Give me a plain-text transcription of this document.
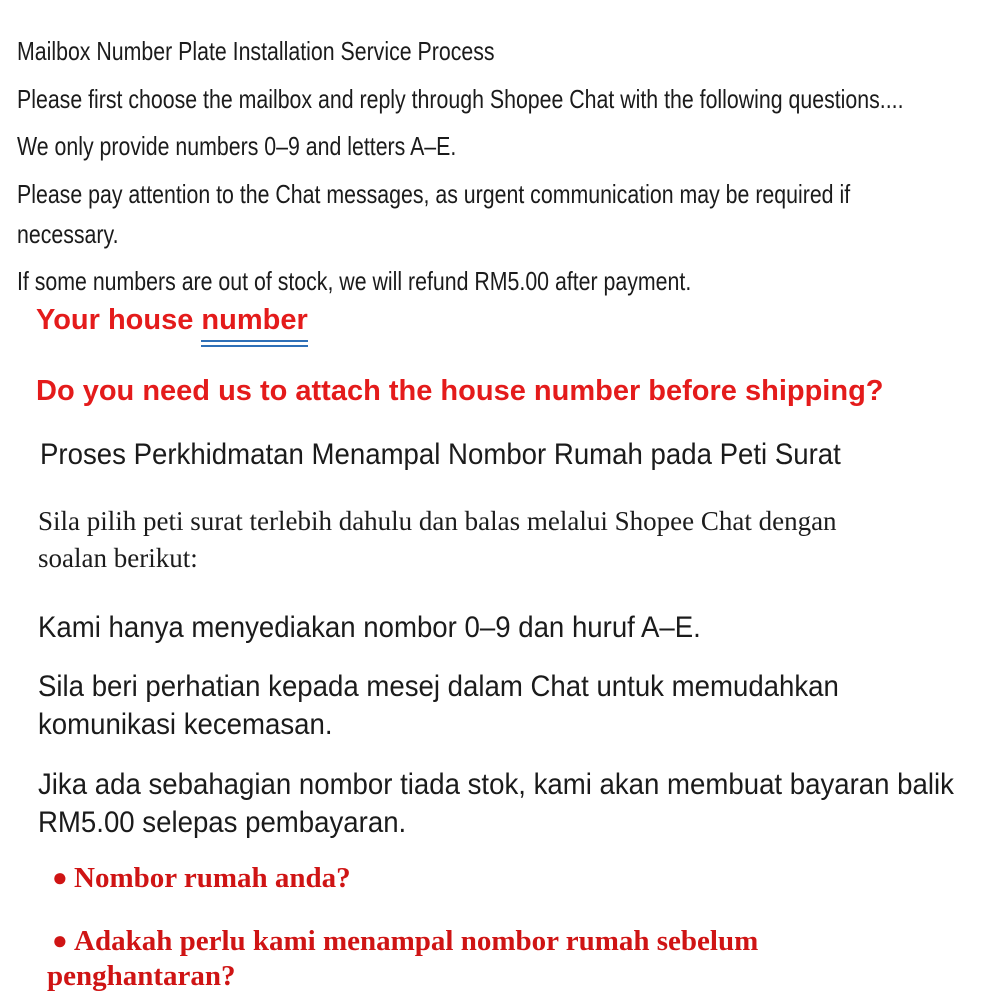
Mailbox Number Plate Installation Service Process
Please first choose the mailbox and reply through Shopee Chat with the following questions....
We only provide numbers 0–9 and letters A–E.
Please pay attention to the Chat messages, as urgent communication may be required if
necessary.
If some numbers are out of stock, we will refund RM5.00 after payment.
Your house number
Do you need us to attach the house number before shipping?
Proses Perkhidmatan Menampal Nombor Rumah pada Peti Surat
Sila pilih peti surat terlebih dahulu dan balas melalui Shopee Chat dengan
soalan berikut:
Kami hanya menyediakan nombor 0–9 dan huruf A–E.
Sila beri perhatian kepada mesej dalam Chat untuk memudahkan
komunikasi kecemasan.
Jika ada sebahagian nombor tiada stok, kami akan membuat bayaran balik
RM5.00 selepas pembayaran.
● Nombor rumah anda?
● Adakah perlu kami menampal nombor rumah sebelum
penghantaran?
